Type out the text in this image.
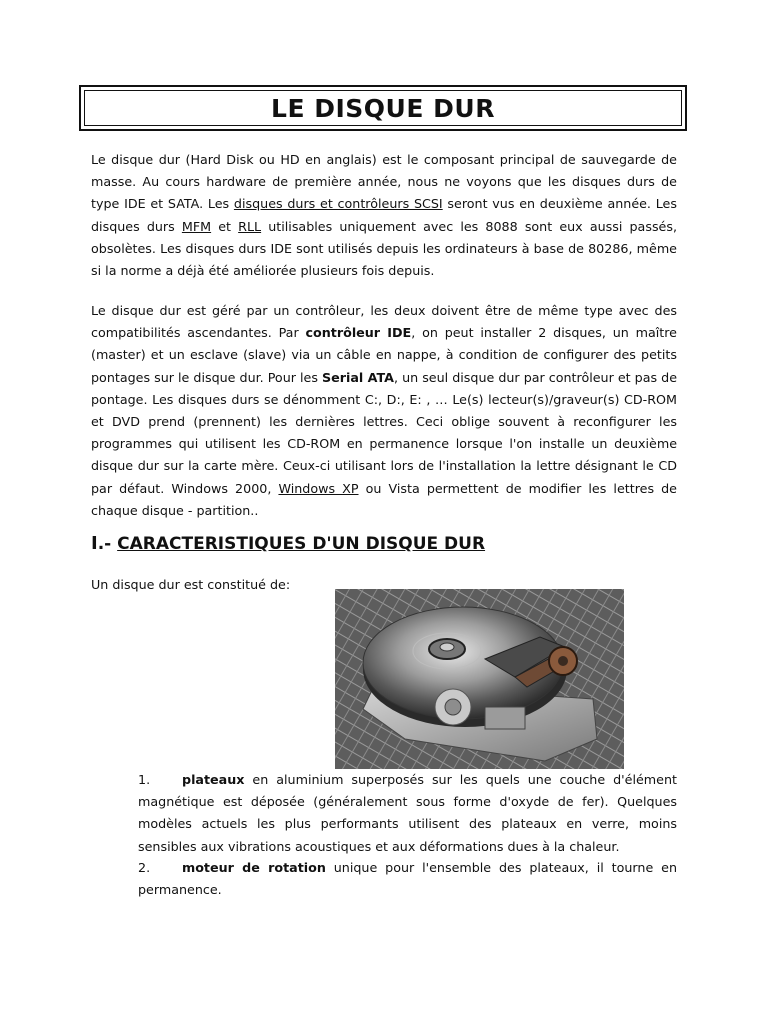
LE DISQUE DUR

Le disque dur (Hard Disk ou HD en anglais) est le composant principal de sauvegarde de masse. Au cours hardware de première année, nous ne voyons que les disques durs de type IDE et SATA. Les disques durs et contrôleurs SCSI seront vus en deuxième année. Les disques durs MFM et RLL utilisables uniquement avec les 8088 sont eux aussi passés, obsolètes. Les disques durs IDE sont utilisés depuis les ordinateurs à base de 80286, même si la norme a déjà été améliorée plusieurs fois depuis.

Le disque dur est géré par un contrôleur, les deux doivent être de même type avec des compatibilités ascendantes. Par contrôleur IDE, on peut installer 2 disques, un maître (master) et un esclave (slave) via un câble en nappe, à condition de configurer des petits pontages sur le disque dur. Pour les Serial ATA, un seul disque dur par contrôleur et pas de pontage. Les disques durs se dénomment C:, D:, E: , … Le(s) lecteur(s)/graveur(s) CD-ROM et DVD prend (prennent) les dernières lettres. Ceci oblige souvent à reconfigurer les programmes qui utilisent les CD-ROM en permanence lorsque l'on installe un deuxième disque dur sur la carte mère. Ceux-ci utilisant lors de l'installation la lettre désignant le CD par défaut. Windows 2000, Windows XP ou Vista permettent de modifier les lettres de chaque disque - partition..

I.- CARACTERISTIQUES D'UN DISQUE DUR

Un disque dur est constitué de:

1.	plateaux en aluminium superposés sur les quels une couche d'élément magnétique est déposée (généralement sous forme d'oxyde de fer). Quelques modèles actuels les plus performants utilisent des plateaux en verre, moins sensibles aux vibrations acoustiques et aux déformations dues à la chaleur.

2.	moteur de rotation unique pour l'ensemble des plateaux, il tourne en permanence.
